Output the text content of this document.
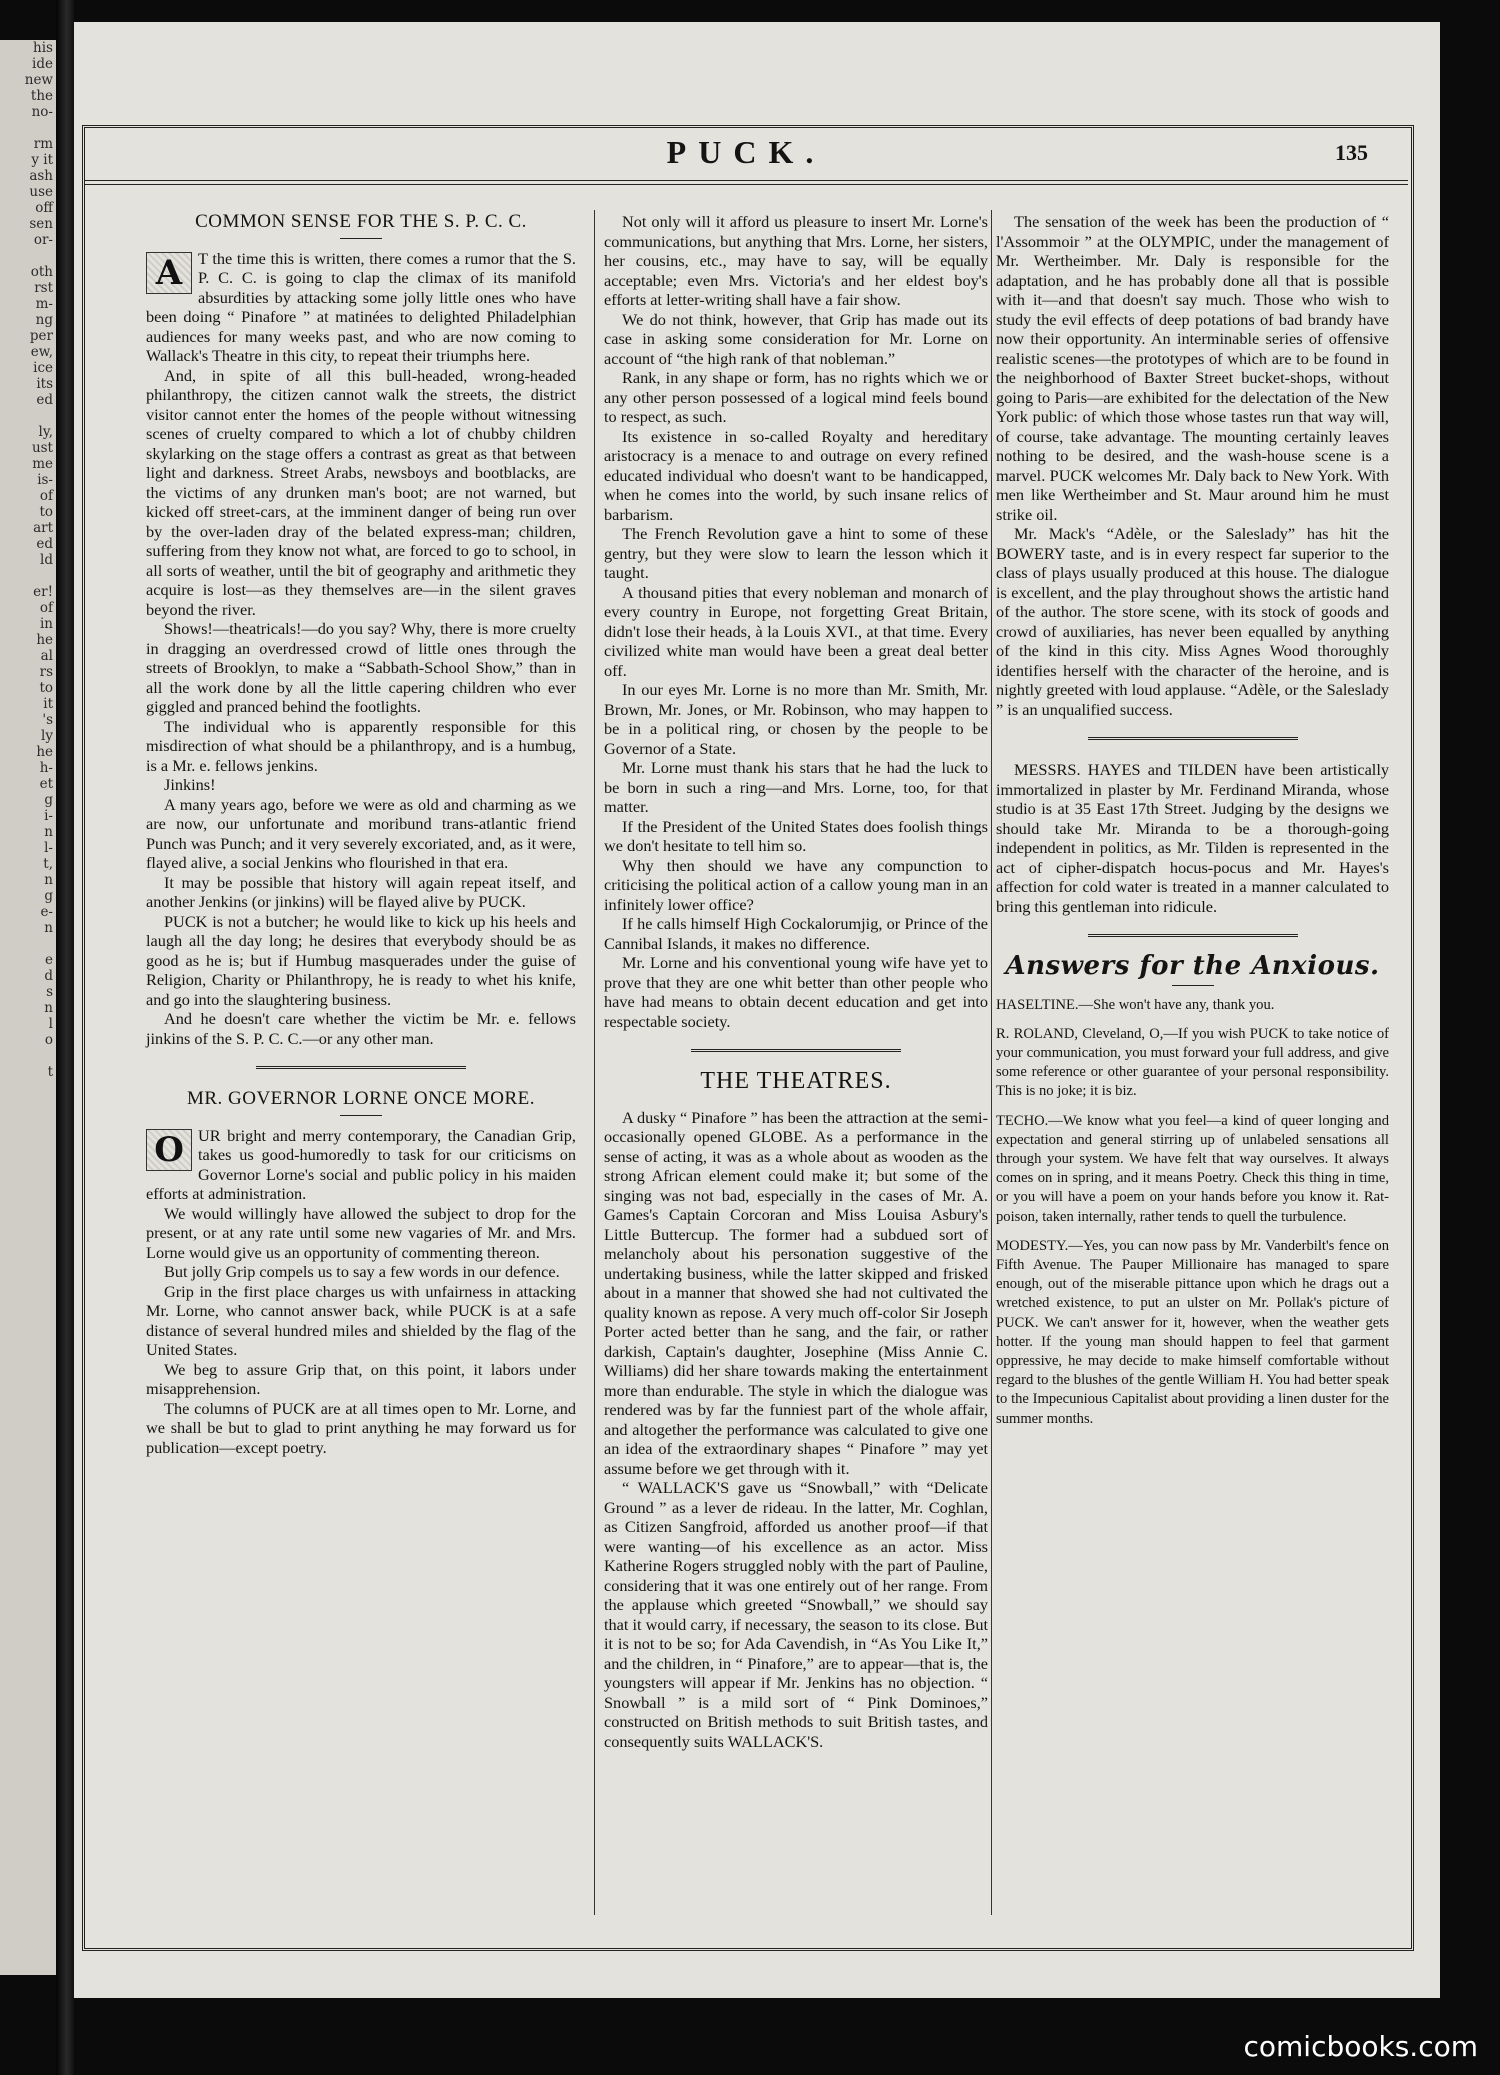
his
ide
new
the
no-

rm
y it
ash
use
off
sen
or-

oth
rst
m-
ng
per
ew,
ice
its
ed

ly,
ust
me
is-
of
to
art
ed
ld

er!
of
in
he
al
rs
to
it
's
ly
he
h-
et
g
i-
n
l-
t,
n
g
e-
n

e
d
s
n
l
o

t
PUCK.	135
COMMON SENSE FOR THE S. P. C. C.

A T the time this is written, there comes a rumor that the S. P. C. C. is going to clap the climax of its manifold absurdities by attacking some jolly little ones who have been doing “ Pinafore ” at matinées to delighted Philadelphian audiences for many weeks past, and who are now coming to Wallack's Theatre in this city, to repeat their triumphs here.

And, in spite of all this bull-headed, wrong-headed philanthropy, the citizen cannot walk the streets, the district visitor cannot enter the homes of the people without witnessing scenes of cruelty compared to which a lot of chubby children skylarking on the stage offers a contrast as great as that between light and darkness. Street Arabs, newsboys and bootblacks, are the victims of any drunken man's boot; are not warned, but kicked off street-cars, at the imminent danger of being run over by the over-laden dray of the belated express-man; children, suffering from they know not what, are forced to go to school, in all sorts of weather, until the bit of geography and arithmetic they acquire is lost—as they themselves are—in the silent graves beyond the river.

Shows!—theatricals!—do you say? Why, there is more cruelty in dragging an overdressed crowd of little ones through the streets of Brooklyn, to make a “Sabbath-School Show,” than in all the work done by all the little capering children who ever giggled and pranced behind the footlights.

The individual who is apparently responsible for this misdirection of what should be a philanthropy, and is a humbug, is a Mr. e. fellows jenkins.

Jinkins!

A many years ago, before we were as old and charming as we are now, our unfortunate and moribund trans-atlantic friend Punch was Punch; and it very severely excoriated, and, as it were, flayed alive, a social Jenkins who flourished in that era.

It may be possible that history will again repeat itself, and another Jenkins (or jinkins) will be flayed alive by PUCK.

PUCK is not a butcher; he would like to kick up his heels and laugh all the day long; he desires that everybody should be as good as he is; but if Humbug masquerades under the guise of Religion, Charity or Philanthropy, he is ready to whet his knife, and go into the slaughtering business.

And he doesn't care whether the victim be Mr. e. fellows jinkins of the S. P. C. C.—or any other man.

MR. GOVERNOR LORNE ONCE MORE.

O UR bright and merry contemporary, the Canadian Grip, takes us good-humoredly to task for our criticisms on Governor Lorne's social and public policy in his maiden efforts at administration.

We would willingly have allowed the subject to drop for the present, or at any rate until some new vagaries of Mr. and Mrs. Lorne would give us an opportunity of commenting thereon.

But jolly Grip compels us to say a few words in our defence.

Grip in the first place charges us with unfairness in attacking Mr. Lorne, who cannot answer back, while PUCK is at a safe distance of several hundred miles and shielded by the flag of the United States.

We beg to assure Grip that, on this point, it labors under misapprehension.

The columns of PUCK are at all times open to Mr. Lorne, and we shall be but to glad to print anything he may forward us for publication—except poetry.

Not only will it afford us pleasure to insert Mr. Lorne's communications, but anything that Mrs. Lorne, her sisters, her cousins, etc., may have to say, will be equally acceptable; even Mrs. Victoria's and her eldest boy's efforts at letter-writing shall have a fair show.

We do not think, however, that Grip has made out its case in asking some consideration for Mr. Lorne on account of “the high rank of that nobleman.”

Rank, in any shape or form, has no rights which we or any other person possessed of a logical mind feels bound to respect, as such.

Its existence in so-called Royalty and hereditary aristocracy is a menace to and outrage on every refined educated individual who doesn't want to be handicapped, when he comes into the world, by such insane relics of barbarism.

The French Revolution gave a hint to some of these gentry, but they were slow to learn the lesson which it taught.

A thousand pities that every nobleman and monarch of every country in Europe, not forgetting Great Britain, didn't lose their heads, à la Louis XVI., at that time. Every civilized white man would have been a great deal better off.

In our eyes Mr. Lorne is no more than Mr. Smith, Mr. Brown, Mr. Jones, or Mr. Robinson, who may happen to be in a political ring, or chosen by the people to be Governor of a State.

Mr. Lorne must thank his stars that he had the luck to be born in such a ring—and Mrs. Lorne, too, for that matter.

If the President of the United States does foolish things we don't hesitate to tell him so.

Why then should we have any compunction to criticising the political action of a callow young man in an infinitely lower office?

If he calls himself High Cockalorumjig, or Prince of the Cannibal Islands, it makes no difference.

Mr. Lorne and his conventional young wife have yet to prove that they are one whit better than other people who have had means to obtain decent education and get into respectable society.

THE THEATRES.

A dusky “ Pinafore ” has been the attraction at the semi-occasionally opened GLOBE. As a performance in the sense of acting, it was as a whole about as wooden as the strong African element could make it; but some of the singing was not bad, especially in the cases of Mr. A. Games's Captain Corcoran and Miss Louisa Asbury's Little Buttercup. The former had a subdued sort of melancholy about his personation suggestive of the undertaking business, while the latter skipped and frisked about in a manner that showed she had not cultivated the quality known as repose. A very much off-color Sir Joseph Porter acted better than he sang, and the fair, or rather darkish, Captain's daughter, Josephine (Miss Annie C. Williams) did her share towards making the entertainment more than endurable. The style in which the dialogue was rendered was by far the funniest part of the whole affair, and altogether the performance was calculated to give one an idea of the extraordinary shapes “ Pinafore ” may yet assume before we get through with it.

“ WALLACK'S gave us “Snowball,” with “Delicate Ground ” as a lever de rideau. In the latter, Mr. Coghlan, as Citizen Sangfroid, afforded us another proof—if that were wanting—of his excellence as an actor. Miss Katherine Rogers struggled nobly with the part of Pauline, considering that it was one entirely out of her range. From the applause which greeted “Snowball,” we should say that it would carry, if necessary, the season to its close. But it is not to be so; for Ada Cavendish, in “As You Like It,” and the children, in “ Pinafore,” are to appear—that is, the youngsters will appear if Mr. Jenkins has no objection. “ Snowball ” is a mild sort of “ Pink Dominoes,” constructed on British methods to suit British tastes, and consequently suits WALLACK'S.

The sensation of the week has been the production of “ l'Assommoir ” at the OLYMPIC, under the management of Mr. Wertheimber. Mr. Daly is responsible for the adaptation, and he has probably done all that is possible with it—and that doesn't say much. Those who wish to study the evil effects of deep potations of bad brandy have now their opportunity. An interminable series of offensive realistic scenes—the prototypes of which are to be found in the neighborhood of Baxter Street bucket-shops, without going to Paris—are exhibited for the delectation of the New York public: of which those whose tastes run that way will, of course, take advantage. The mounting certainly leaves nothing to be desired, and the wash-house scene is a marvel. PUCK welcomes Mr. Daly back to New York. With men like Wertheimber and St. Maur around him he must strike oil.

Mr. Mack's “Adèle, or the Saleslady” has hit the BOWERY taste, and is in every respect far superior to the class of plays usually produced at this house. The dialogue is excellent, and the play throughout shows the artistic hand of the author. The store scene, with its stock of goods and crowd of auxiliaries, has never been equalled by anything of the kind in this city. Miss Agnes Wood thoroughly identifies herself with the character of the heroine, and is nightly greeted with loud applause. “Adèle, or the Saleslady ” is an unqualified success.

MESSRS. HAYES and TILDEN have been artistically immortalized in plaster by Mr. Ferdinand Miranda, whose studio is at 35 East 17th Street. Judging by the designs we should take Mr. Miranda to be a thorough-going independent in politics, as Mr. Tilden is represented in the act of cipher-dispatch hocus-pocus and Mr. Hayes's affection for cold water is treated in a manner calculated to bring this gentleman into ridicule.

Answers for the Anxious.

HASELTINE.—She won't have any, thank you.

R. ROLAND, Cleveland, O,—If you wish PUCK to take notice of your communication, you must forward your full address, and give some reference or other guarantee of your personal responsibility. This is no joke; it is biz.

TECHO.—We know what you feel—a kind of queer longing and expectation and general stirring up of unlabeled sensations all through your system. We have felt that way ourselves. It always comes on in spring, and it means Poetry. Check this thing in time, or you will have a poem on your hands before you know it. Rat-poison, taken internally, rather tends to quell the turbulence.

MODESTY.—Yes, you can now pass by Mr. Vanderbilt's fence on Fifth Avenue. The Pauper Millionaire has managed to spare enough, out of the miserable pittance upon which he drags out a wretched existence, to put an ulster on Mr. Pollak's picture of PUCK. We can't answer for it, however, when the weather gets hotter. If the young man should happen to feel that garment oppressive, he may decide to make himself comfortable without regard to the blushes of the gentle William H. You had better speak to the Impecunious Capitalist about providing a linen duster for the summer months.

comicbooks.com
